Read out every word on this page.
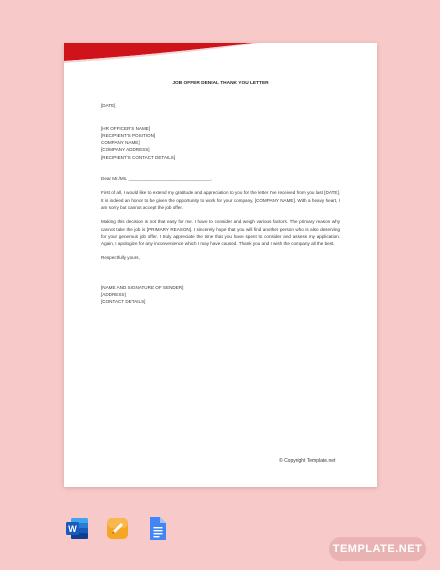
JOB OFFER DENIAL THANK YOU LETTER
[DATE]
[HR OFFICER'S NAME]
[RECIPIENT'S POSITION]
COMPANY NAME]
[COMPANY ADDRESS]
[RECIPIENT'S CONTACT DETAILS]
Dear Mr./Ms. ________________________________,

First of all, I would like to extend my gratitude and appreciation to you for the letter I've received from you last [DATE]. It is indeed an honor to be given the opportunity to work for your company, [COMPANY NAME]. With a heavy heart, I am sorry but cannot accept the job offer.

Making this decision is not that easy for me. I have to consider and weigh various factors. The primary reason why cannot take the job is [PRIMARY REASON]. I sincerely hope that you will find another person who is also deserving for your generous job offer. I truly appreciate the time that you have spent to consider and assess my application. Again, I apologize for any inconvenience which I may have caused. Thank you and I wish the company all the best.

Respectfully yours,
[NAME AND SIGNATURE OF SENDER]
[ADDRESS]
[CONTACT DETAILS]
© Copyright Template.net
W
TEMPLATE.NET
